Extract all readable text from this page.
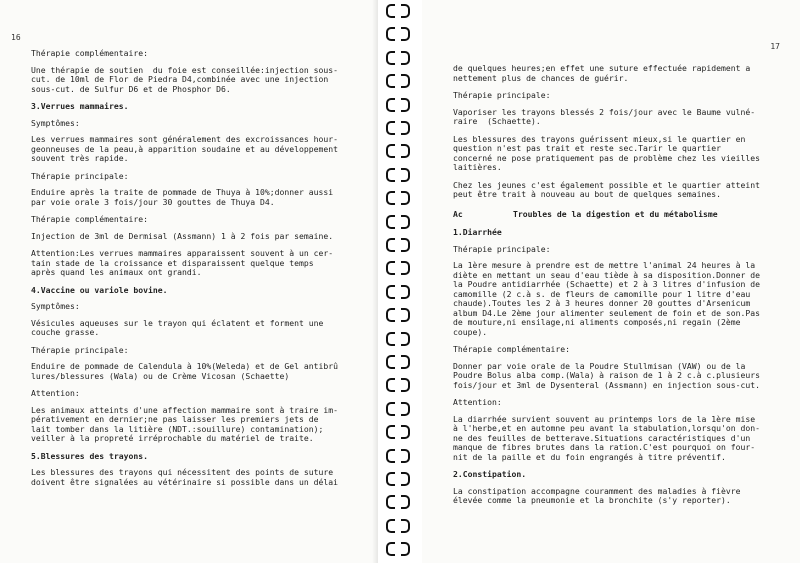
16
Thérapie complémentaire:
Une thérapie de soutien  du foie est conseillée:injection sous-
cut. de 10ml de Flor de Piedra D4,combinée avec une injection
sous-cut. de Sulfur D6 et de Phosphor D6.
3.Verrues mammaires.
Symptômes:
Les verrues mammaires sont généralement des excroissances hour-
geonneuses de la peau,à apparition soudaine et au développement
souvent très rapide.
Thérapie principale:
Enduire après la traite de pommade de Thuya à 10%;donner aussi
par voie orale 3 fois/jour 30 gouttes de Thuya D4.
Thérapie complémentaire:
Injection de 3ml de Dermisal (Assmann) 1 à 2 fois par semaine.
Attention:Les verrues mammaires apparaissent souvent à un cer-
tain stade de la croissance et disparaissent quelque temps
après quand les animaux ont grandi.
4.Vaccine ou variole bovine.
Symptômes:
Vésicules aqueuses sur le trayon qui éclatent et forment une
couche grasse.
Thérapie principale:
Enduire de pommade de Calendula à 10%(Weleda) et de Gel antibrû
lures/blessures (Wala) ou de Crème Vicosan (Schaette)
Attention:
Les animaux atteints d'une affection mammaire sont à traire im-
pérativement en dernier;ne pas laisser les premiers jets de
lait tomber dans la litière (NDT.:souillure) contamination);
veiller à la propreté irréprochable du matériel de traite.
5.Blessures des trayons.
Les blessures des trayons qui nécessitent des points de suture
doivent être signalées au vétérinaire si possible dans un délai
17
de quelques heures;en effet une suture effectuée rapidement a
nettement plus de chances de guérir.
Thérapie principale:
Vaporiser les trayons blessés 2 fois/jour avec le Baume vulné-
raire  (Schaette).
Les blessures des trayons guérissent mieux,si le quartier en
question n'est pas trait et reste sec.Tarir le quartier
concerné ne pose pratiquement pas de problème chez les vieilles
laitières.
Chez les jeunes c'est également possible et le quartier atteint
peut être trait à nouveau au bout de quelques semaines.
Ac	Troubles de la digestion et du métabolisme
1.Diarrhée
Thérapie principale:
La 1ère mesure à prendre est de mettre l'animal 24 heures à la
diète en mettant un seau d'eau tiède à sa disposition.Donner de
la Poudre antidiarrhée (Schaette) et 2 à 3 litres d'infusion de
camomille (2 c.à s. de fleurs de camomille pour 1 litre d'eau
chaude).Toutes les 2 à 3 heures donner 20 gouttes d'Arsenicum
album D4.Le 2ème jour alimenter seulement de foin et de son.Pas
de mouture,ni ensilage,ni aliments composés,ni regain (2ème
coupe).
Thérapie complémentaire:
Donner par voie orale de la Poudre Stullmisan (VAW) ou de la
Poudre Bolus alba comp.(Wala) à raison de 1 à 2 c.à c.plusieurs
fois/jour et 3ml de Dysenteral (Assmann) en injection sous-cut.
Attention:
La diarrhée survient souvent au printemps lors de la 1ère mise
à l'herbe,et en automne peu avant la stabulation,lorsqu'on don-
ne des feuilles de betterave.Situations caractéristiques d'un
manque de fibres brutes dans la ration.C'est pourquoi on four-
nit de la paille et du foin engrangés à titre préventif.
2.Constipation.
La constipation accompagne couramment des maladies à fièvre
élevée comme la pneumonie et la bronchite (s'y reporter).
